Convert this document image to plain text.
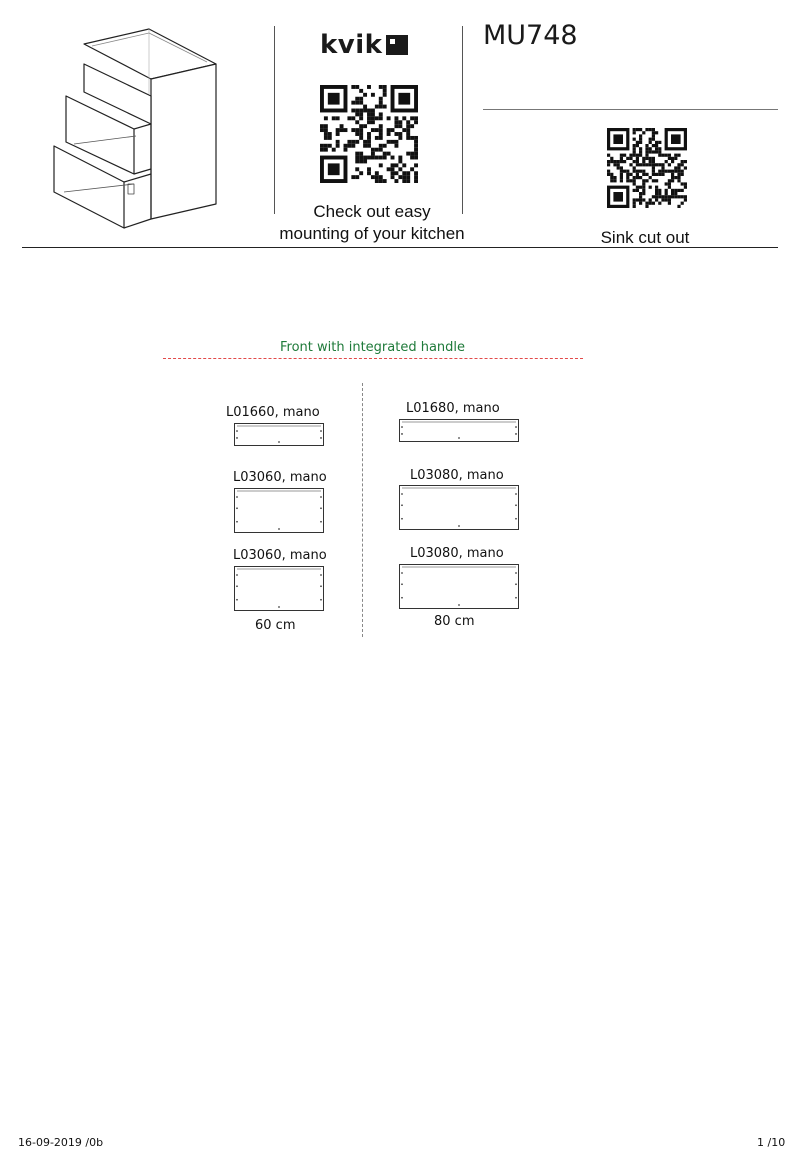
kvik
Check out easy
mounting of your kitchen
MU748
Sink cut out
Front with integrated handle
L01660, mano
L03060, mano
L03060, mano
60 cm
L01680, mano
L03080, mano
L03080, mano
80 cm
16-09-2019 /0b	1 /10
